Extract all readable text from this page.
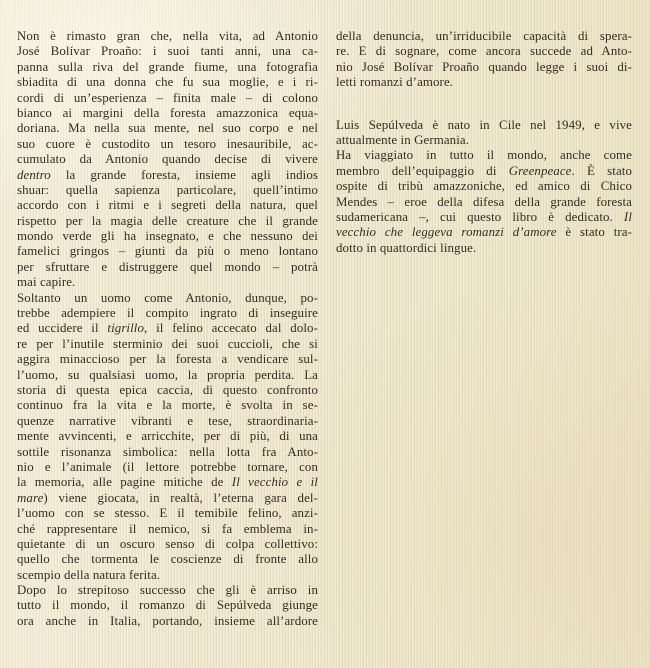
Non è rimasto gran che, nella vita, ad Antonio
José Bolívar Proaño: i suoi tanti anni, una ca-
panna sulla riva del grande fiume, una fotografia
sbiadita di una donna che fu sua moglie, e i ri-
cordi di un’esperienza – finita male – di colono
bianco ai margini della foresta amazzonica equa-
doriana. Ma nella sua mente, nel suo corpo e nel
suo cuore è custodito un tesoro inesauribile, ac-
cumulato da Antonio quando decise di vivere
dentro la grande foresta, insieme agli indios
shuar: quella sapienza particolare, quell’intimo
accordo con i ritmi e i segreti della natura, quel
rispetto per la magia delle creature che il grande
mondo verde gli ha insegnato, e che nessuno dei
famelici gringos – giunti da più o meno lontano
per sfruttare e distruggere quel mondo – potrà
mai capire.
Soltanto un uomo come Antonio, dunque, po-
trebbe adempiere il compito ingrato di inseguire
ed uccidere il tigrillo, il felino accecato dal dolo-
re per l’inutile sterminio dei suoi cuccioli, che si
aggira minaccioso per la foresta a vendicare sul-
l’uomo, su qualsiasi uomo, la propria perdita. La
storia di questa epica caccia, di questo confronto
continuo fra la vita e la morte, è svolta in se-
quenze narrative vibranti e tese, straordinaria-
mente avvincenti, e arricchite, per di più, di una
sottile risonanza simbolica: nella lotta fra Anto-
nio e l’animale (il lettore potrebbe tornare, con
la memoria, alle pagine mitiche de Il vecchio e il
mare) viene giocata, in realtà, l’eterna gara del-
l’uomo con se stesso. E il temibile felino, anzi-
ché rappresentare il nemico, si fa emblema in-
quietante di un oscuro senso di colpa collettivo:
quello che tormenta le coscienze di fronte allo
scempio della natura ferita.
Dopo lo strepitoso successo che gli è arriso in
tutto il mondo, il romanzo di Sepúlveda giunge
ora anche in Italia, portando, insieme all’ardore
della denuncia, un’irriducibile capacità di spera-
re. E di sognare, come ancora succede ad Anto-
nio José Bolívar Proaño quando legge i suoi di-
letti romanzi d’amore.
Luis Sepúlveda è nato in Cile nel 1949, e vive
attualmente in Germania.
Ha viaggiato in tutto il mondo, anche come
membro dell’equipaggio di Greenpeace. È stato
ospite di tribù amazzoniche, ed amico di Chico
Mendes – eroe della difesa della grande foresta
sudamericana –, cui questo libro è dedicato. Il
vecchio che leggeva romanzi d’amore è stato tra-
dotto in quattordici lingue.
